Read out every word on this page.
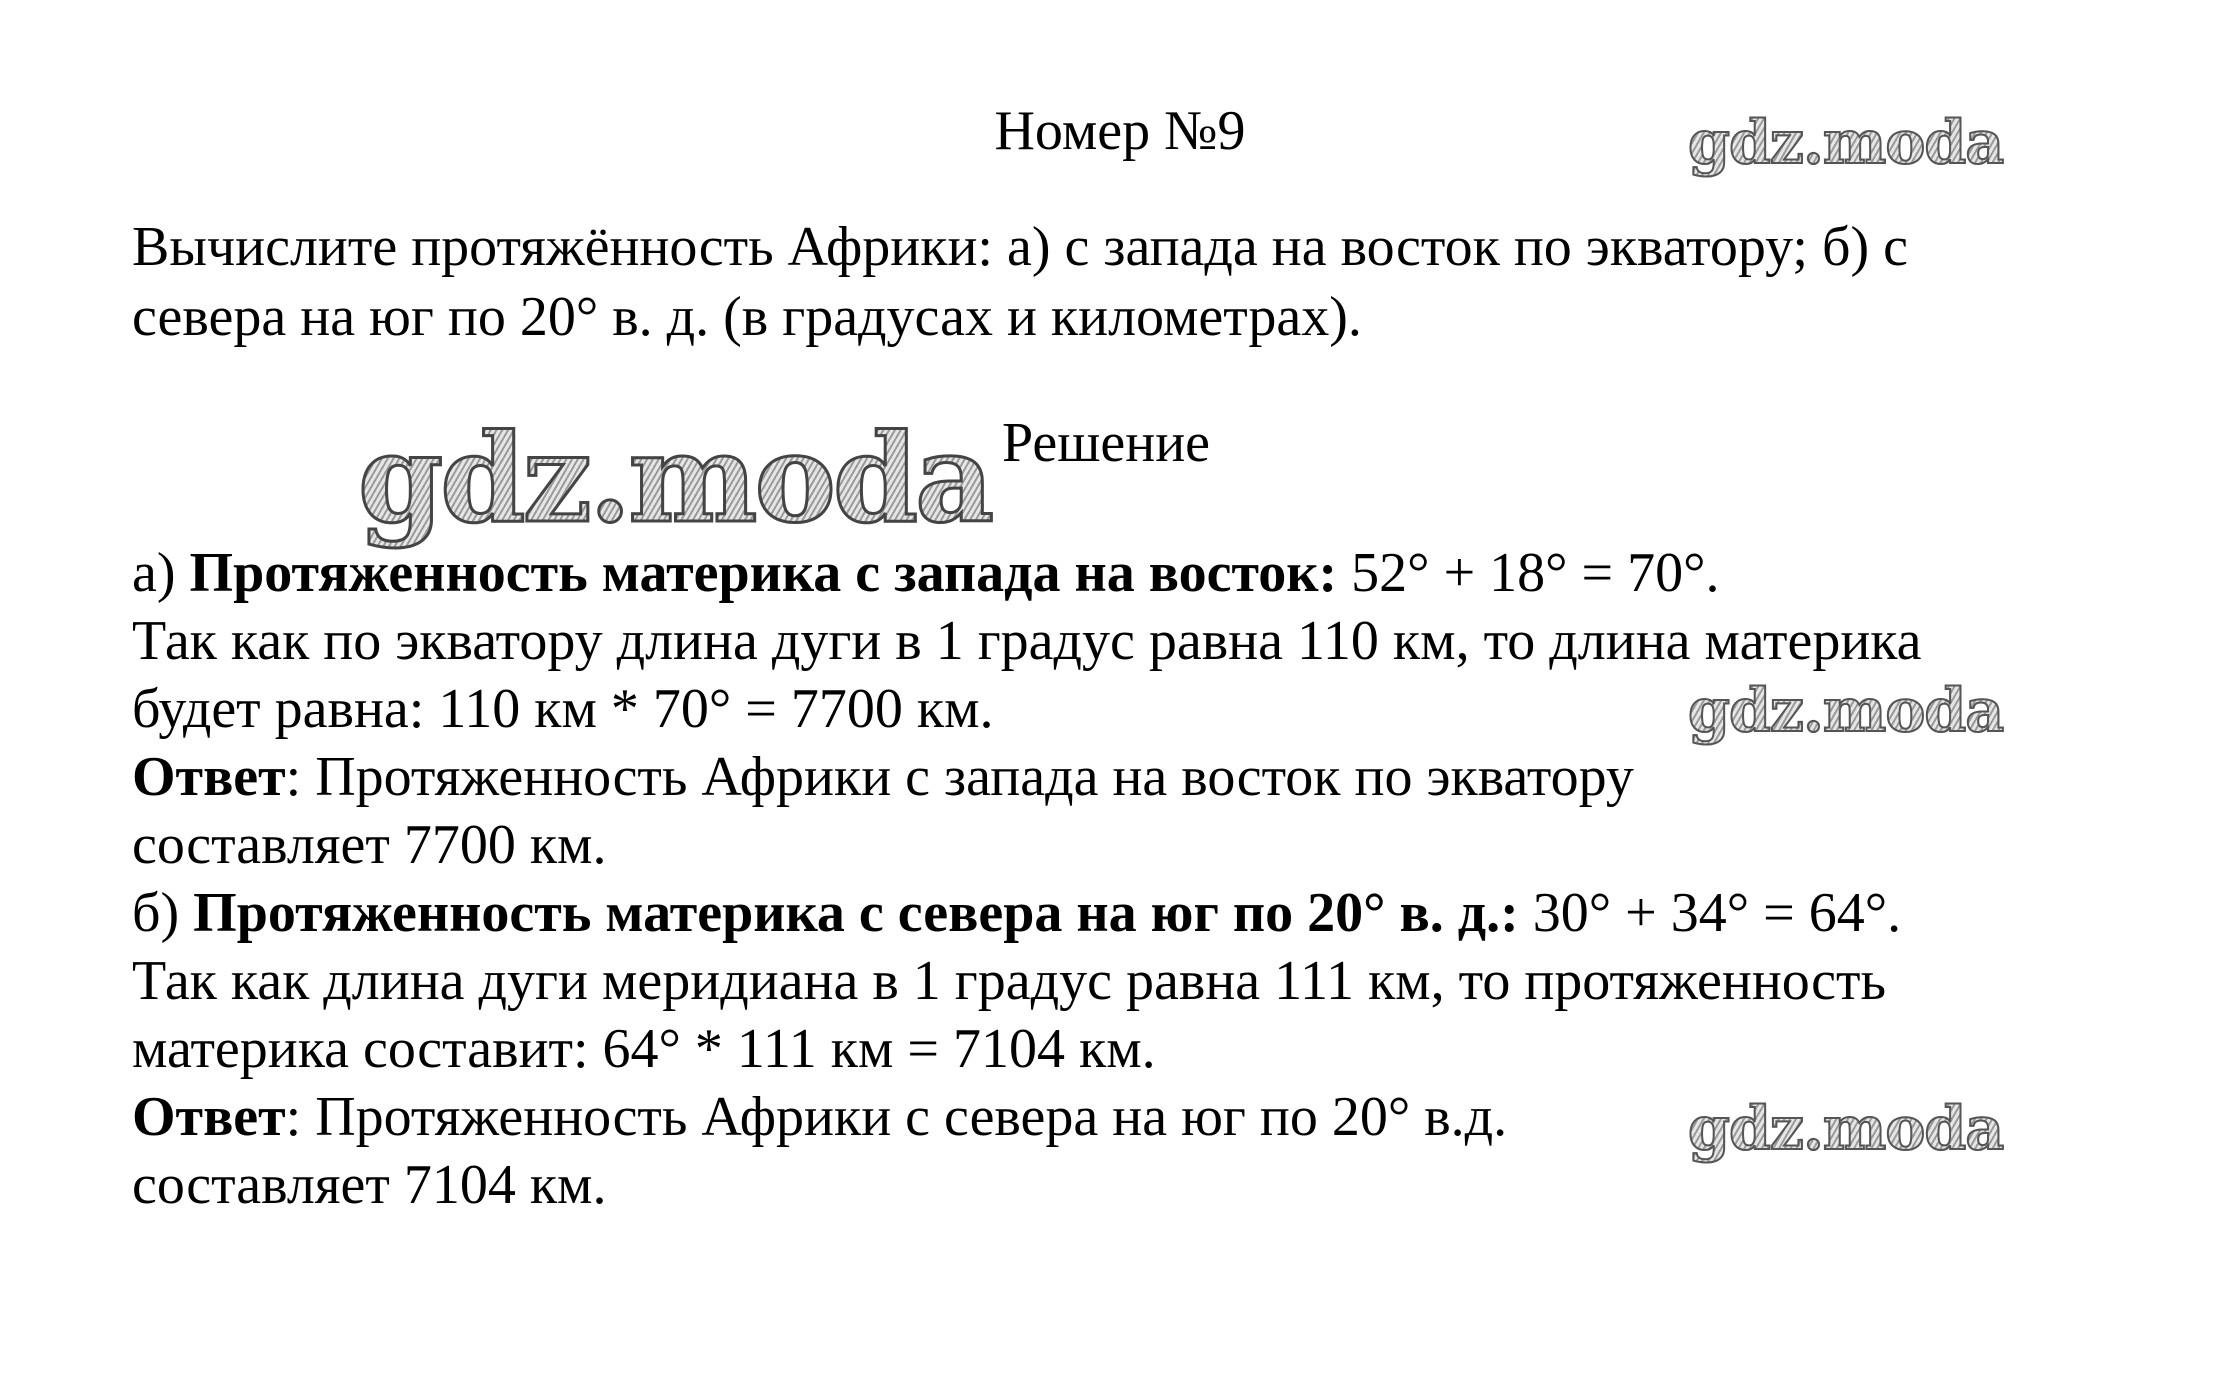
Номер №9	gdz.moda
Вычислите протяжённость Африки: а) с запада на восток по экватору; б) с
севера на юг по 20° в. д. (в градусах и километрах).
gdz.moda Решение
а) Протяженность материка с запада на восток: 52° + 18° = 70°.
Так как по экватору длина дуги в 1 градус равна 110 км, то длина материка
будет равна: 110 км * 70° = 7700 км.	gdz.moda
Ответ: Протяженность Африки с запада на восток по экватору
составляет 7700 км.
б) Протяженность материка с севера на юг по 20° в. д.: 30° + 34° = 64°.
Так как длина дуги меридиана в 1 градус равна 111 км, то протяженность
материка составит: 64° * 111 км = 7104 км.
Ответ: Протяженность Африки с севера на юг по 20° в.д.
составляет 7104 км.
gdz.moda
